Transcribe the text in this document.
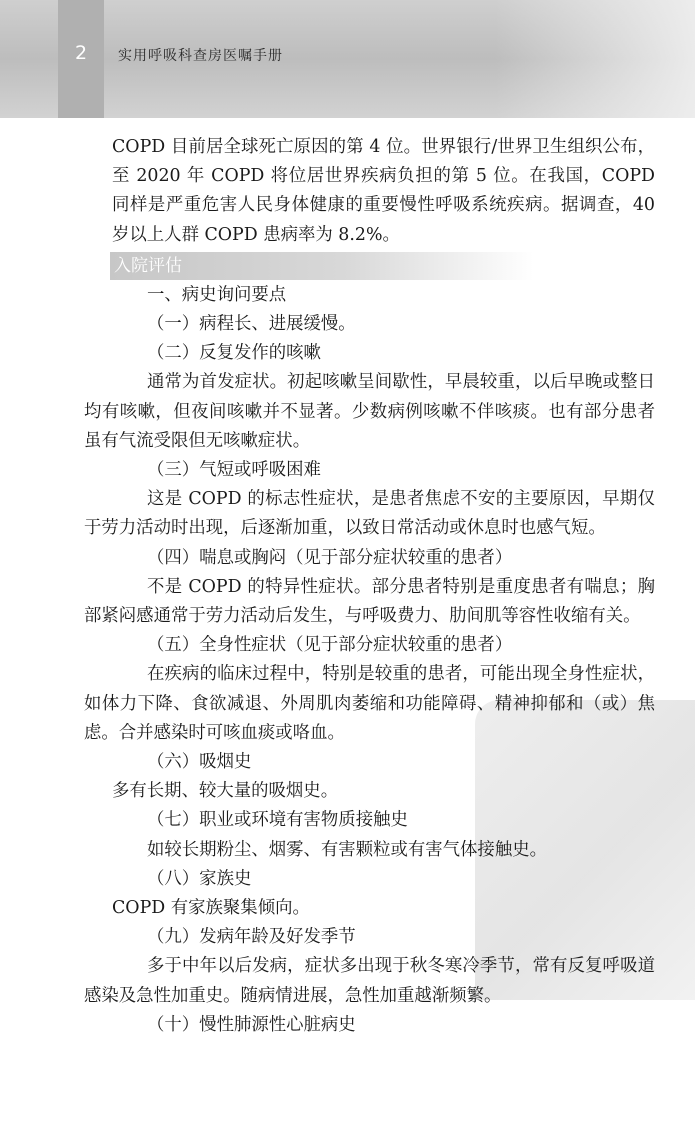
2	实用呼吸科查房医嘱手册

COPD 目前居全球死亡原因的第 4 位。世界银行/世界卫生组织公布，至 2020 年 COPD 将位居世界疾病负担的第 5 位。在我国，COPD 同样是严重危害人民身体健康的重要慢性呼吸系统疾病。据调查，40 岁以上人群 COPD 患病率为 8.2%。

入院评估

一、病史询问要点

（一）病程长、进展缓慢。

（二）反复发作的咳嗽

通常为首发症状。初起咳嗽呈间歇性，早晨较重，以后早晚或整日均有咳嗽，但夜间咳嗽并不显著。少数病例咳嗽不伴咳痰。也有部分患者虽有气流受限但无咳嗽症状。

（三）气短或呼吸困难

这是 COPD 的标志性症状，是患者焦虑不安的主要原因，早期仅于劳力活动时出现，后逐渐加重，以致日常活动或休息时也感气短。

（四）喘息或胸闷（见于部分症状较重的患者）

不是 COPD 的特异性症状。部分患者特别是重度患者有喘息；胸部紧闷感通常于劳力活动后发生，与呼吸费力、肋间肌等容性收缩有关。

（五）全身性症状（见于部分症状较重的患者）

在疾病的临床过程中，特别是较重的患者，可能出现全身性症状，如体力下降、食欲减退、外周肌肉萎缩和功能障碍、精神抑郁和（或）焦虑。合并感染时可咳血痰或咯血。

（六）吸烟史

多有长期、较大量的吸烟史。

（七）职业或环境有害物质接触史

如较长期粉尘、烟雾、有害颗粒或有害气体接触史。

（八）家族史

COPD 有家族聚集倾向。

（九）发病年龄及好发季节

多于中年以后发病，症状多出现于秋冬寒冷季节，常有反复呼吸道感染及急性加重史。随病情进展，急性加重越渐频繁。

（十）慢性肺源性心脏病史
